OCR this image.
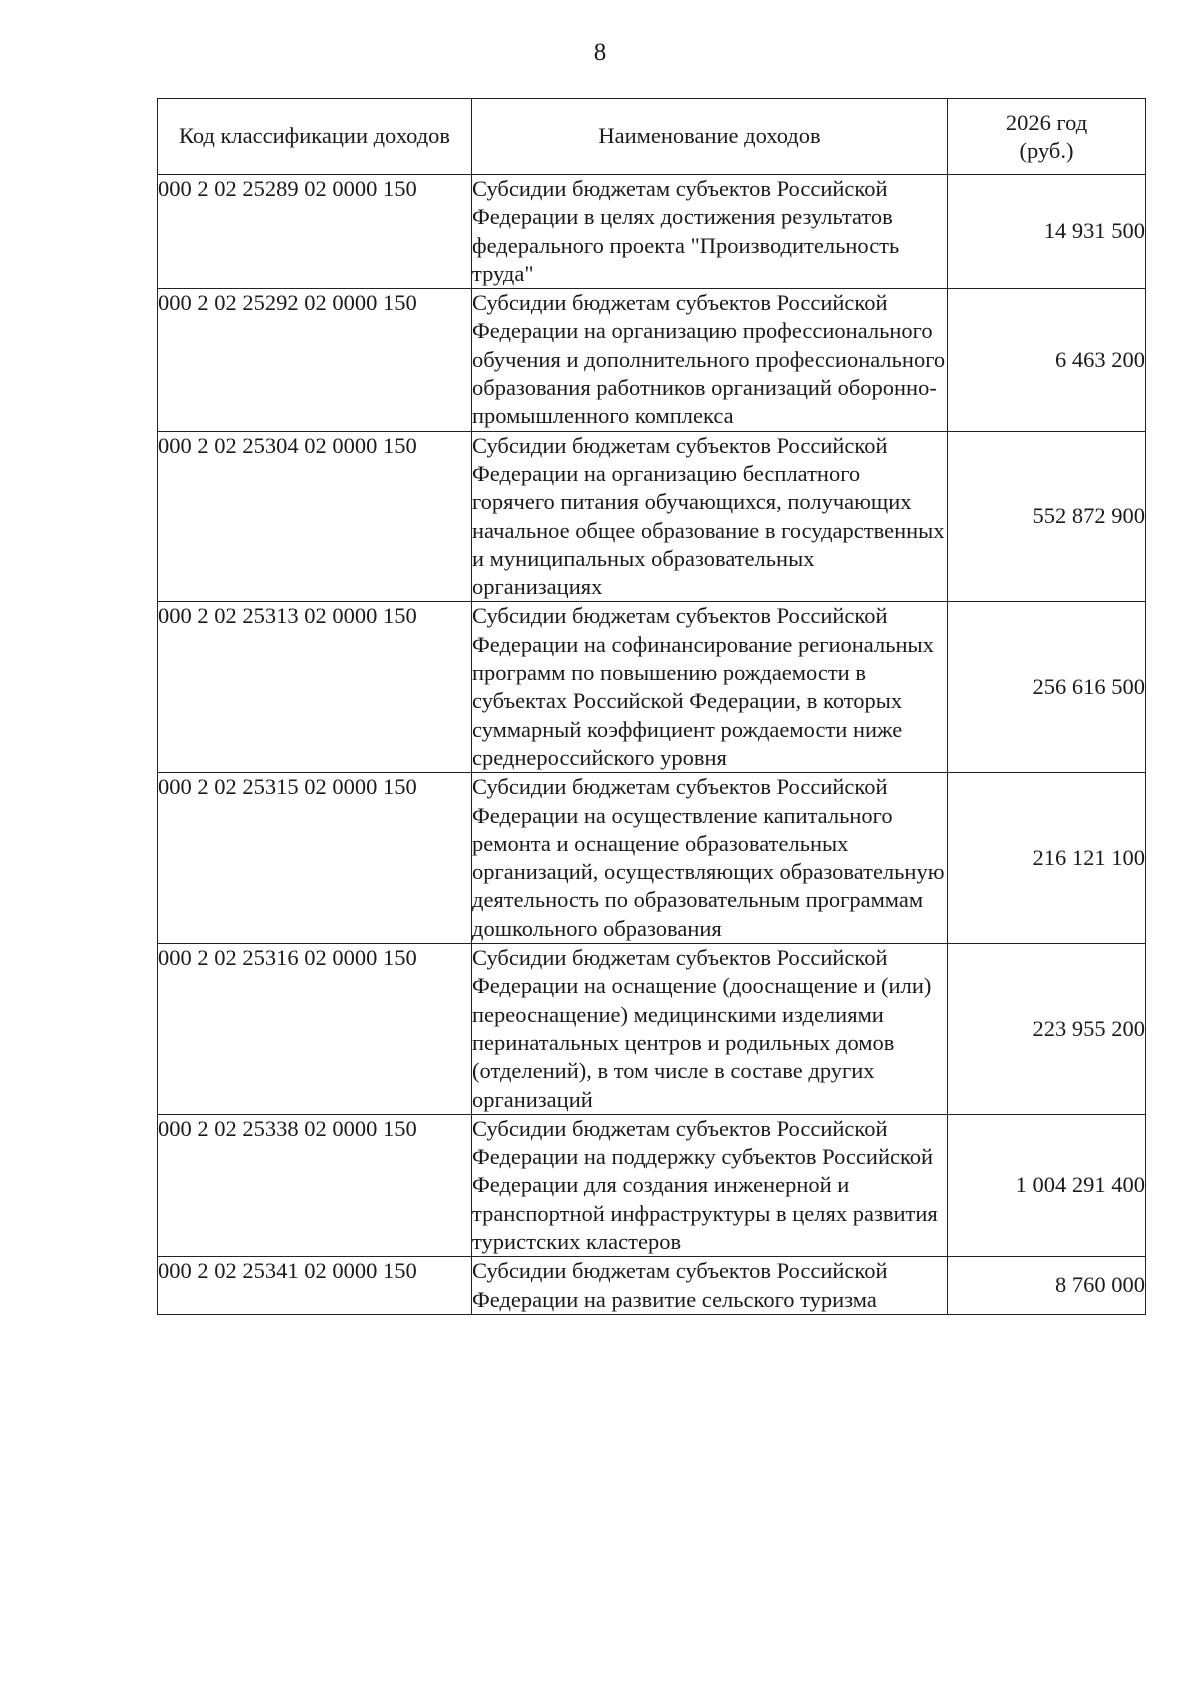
8
Код классификации доходов	Наименование доходов	2026 год
(руб.)

000 2 02 25289 02 0000 150	Субсидии бюджетам субъектов Российской Федерации в целях достижения результатов федерального проекта "Производительность труда"	14 931 500
000 2 02 25292 02 0000 150	Субсидии бюджетам субъектов Российской Федерации на организацию профессионального обучения и дополнительного профессионального образования работников организаций оборонно-промышленного комплекса	6 463 200
000 2 02 25304 02 0000 150	Субсидии бюджетам субъектов Российской Федерации на организацию бесплатного горячего питания обучающихся, получающих начальное общее образование в государственных и муниципальных образовательных организациях	552 872 900
000 2 02 25313 02 0000 150	Субсидии бюджетам субъектов Российской Федерации на софинансирование региональных программ по повышению рождаемости в субъектах Российской Федерации, в которых суммарный коэффициент рождаемости ниже среднероссийского уровня	256 616 500
000 2 02 25315 02 0000 150	Субсидии бюджетам субъектов Российской Федерации на осуществление капитального ремонта и оснащение образовательных организаций, осуществляющих образовательную деятельность по образовательным программам дошкольного образования	216 121 100
000 2 02 25316 02 0000 150	Субсидии бюджетам субъектов Российской Федерации на оснащение (дооснащение и (или) переоснащение) медицинскими изделиями перинатальных центров и родильных домов (отделений), в том числе в составе других организаций	223 955 200
000 2 02 25338 02 0000 150	Субсидии бюджетам субъектов Российской Федерации на поддержку субъектов Российской Федерации для создания инженерной и транспортной инфраструктуры в целях развития туристских кластеров	1 004 291 400
000 2 02 25341 02 0000 150	Субсидии бюджетам субъектов Российской Федерации на развитие сельского туризма	8 760 000
